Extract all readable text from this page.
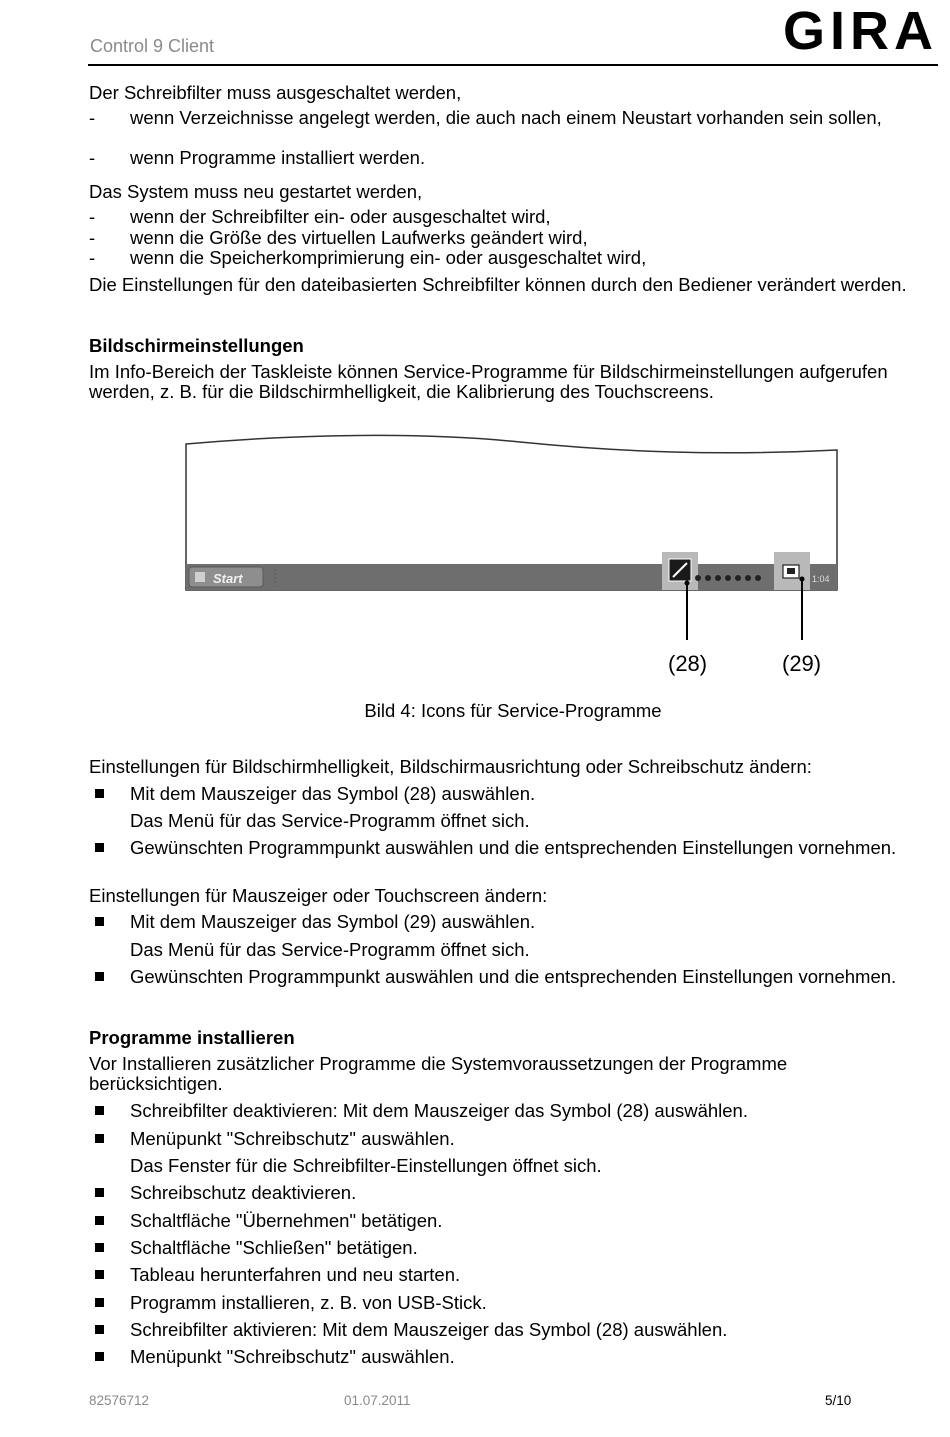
Control 9 Client	GIRA
Der Schreibfilter muss ausgeschaltet werden,
- wenn Verzeichnisse angelegt werden, die auch nach einem Neustart vorhanden sein sollen,
- wenn Programme installiert werden.
Das System muss neu gestartet werden,
- wenn der Schreibfilter ein- oder ausgeschaltet wird,
- wenn die Größe des virtuellen Laufwerks geändert wird,
- wenn die Speicherkomprimierung ein- oder ausgeschaltet wird,
Die Einstellungen für den dateibasierten Schreibfilter können durch den Bediener verändert werden.
Bildschirmeinstellungen
Im Info-Bereich der Taskleiste können Service-Programme für Bildschirmeinstellungen aufgerufen werden, z. B. für die Bildschirmhelligkeit, die Kalibrierung des Touchscreens.
Start	1:04
(28)	(29)
Bild 4: Icons für Service-Programme
Einstellungen für Bildschirmhelligkeit, Bildschirmausrichtung oder Schreibschutz ändern:
Mit dem Mauszeiger das Symbol (28) auswählen.
Das Menü für das Service-Programm öffnet sich.
Gewünschten Programmpunkt auswählen und die entsprechenden Einstellungen vornehmen.
Einstellungen für Mauszeiger oder Touchscreen ändern:
Mit dem Mauszeiger das Symbol (29) auswählen.
Das Menü für das Service-Programm öffnet sich.
Gewünschten Programmpunkt auswählen und die entsprechenden Einstellungen vornehmen.
Programme installieren
Vor Installieren zusätzlicher Programme die Systemvoraussetzungen der Programme berücksichtigen.
Schreibfilter deaktivieren: Mit dem Mauszeiger das Symbol (28) auswählen.
Menüpunkt "Schreibschutz" auswählen.
Das Fenster für die Schreibfilter-Einstellungen öffnet sich.
Schreibschutz deaktivieren.
Schaltfläche "Übernehmen" betätigen.
Schaltfläche "Schließen" betätigen.
Tableau herunterfahren und neu starten.
Programm installieren, z. B. von USB-Stick.
Schreibfilter aktivieren: Mit dem Mauszeiger das Symbol (28) auswählen.
Menüpunkt "Schreibschutz" auswählen.
82576712	01.07.2011	5/10
